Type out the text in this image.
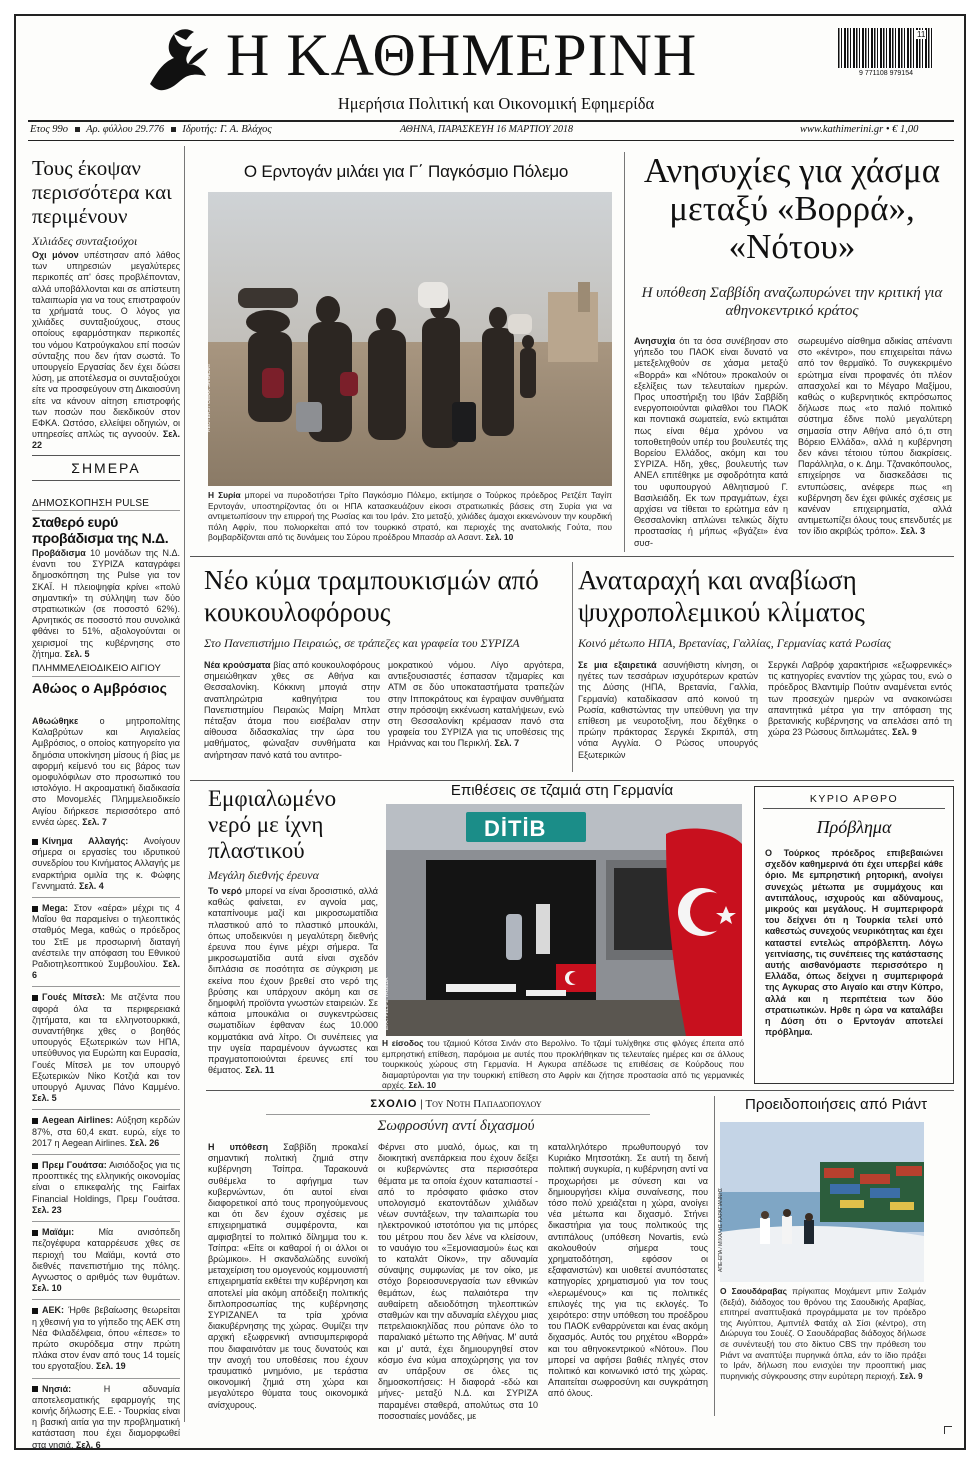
Η ΚΑΘΗΜΕΡΙΝΗ
Ημερήσια Πολιτική και Οικονομική Εφημερίδα
11
9 771108 979154
Ετος 99ο Αρ. φύλλου 29.776 Ιδρυτής: Γ. Α. Βλάχος	ΑΘΗΝΑ, ΠΑΡΑΣΚΕΥΗ 16 ΜΑΡΤΙΟΥ 2018	www.kathimerini.gr • € 1,00
Τους έκοψαν περισσότερα και περιμένουν
Χιλιάδες συνταξιούχοι
Οχι μόνον υπέστησαν από λάθος των υπηρεσιών μεγαλύτερες περικοπές απ' όσες προβλέπονταν, αλλά υποβάλλονται και σε απίστευτη ταλαιπωρία για να τους επιστραφούν τα χρήματά τους. Ο λόγος για χιλιάδες συνταξιούχους, στους οποίους εφαρμόστηκαν περικοπές του νόμου Κατρούγκαλου επί ποσών σύνταξης που δεν ήταν σωστά. Το υπουργείο Εργασίας δεν έχει δώσει λύση, με αποτέλεσμα οι συνταξιούχοι είτε να προσφεύγουν στη Δικαιοσύνη είτε να κάνουν αίτηση επιστροφής των ποσών που διεκδικούν στον ΕΦΚΑ. Ωστόσο, ελλείψει οδηγιών, οι υπηρεσίες απλώς τις αγνοούν. Σελ. 22
ΣΗΜΕΡΑ
ΔΗΜΟΣΚΟΠΗΣΗ PULSE
Σταθερό ευρύ προβάδισμα της Ν.Δ.
Προβάδισμα 10 μονάδων της Ν.Δ. έναντι του ΣΥΡΙΖΑ καταγράφει δημοσκόπηση της Pulse για τον ΣΚΑΪ. Η πλειοψηφία κρίνει «πολύ σημαντική» τη σύλληψη των δύο στρατιωτικών (σε ποσοστό 62%). Αρνητικός σε ποσοστό που συνολικά φθάνει το 51%, αξιολογούνται οι χειρισμοί της κυβέρνησης στο ζήτημα. Σελ. 5
ΠΛΗΜΜΕΛΕΙΟΔΙΚΕΙΟ ΑΙΓΙΟΥ
Αθώος ο Αμβρόσιος
Αθωώθηκε ο μητροπολίτης Καλαβρύτων και Αιγιαλείας Αμβρόσιος, ο οποίος κατηγορείτο για δημόσια υποκίνηση μίσους ή βίας με αφορμή κείμενό του εις βάρος των ομοφυλόφιλων στο προσωπικό του ιστολόγιο. Η ακροαματική διαδικασία στο Μονομελές Πλημμελειοδικείο Αιγίου διήρκεσε περισσότερο από εννέα ώρες. Σελ. 7
Κίνημα Αλλαγής: Ανοίγουν σήμερα οι εργασίες του ιδρυτικού συνεδρίου του Κινήματος Αλλαγής με εναρκτήρια ομιλία της κ. Φώφης Γεννηματά. Σελ. 4
Mega: Στον «αέρα» μέχρι τις 4 Μαΐου θα παραμείνει ο τηλεοπτικός σταθμός Mega, καθώς ο πρόεδρος του ΣτΕ με προσωρινή διαταγή ανέστειλε την απόφαση του Εθνικού Ραδιοτηλεοπτικού Συμβουλίου. Σελ. 6
Γουές Μίτσελ: Με ατζέντα που αφορά όλα τα περιφερειακά ζητήματα, και τα ελληνοτουρκικά, συναντήθηκε χθες ο βοηθός υπουργός Εξωτερικών των ΗΠΑ, υπεύθυνος για Ευρώπη και Ευρασία, Γουές Μίτσελ με τον υπουργό Εξωτερικών Νίκο Κοτζιά και τον υπουργό Αμυνας Πάνο Καμμένο. Σελ. 5
Aegean Airlines: Αύξηση κερδών 87%, στα 60,4 εκατ. ευρώ, είχε το 2017 η Aegean Airlines. Σελ. 26
Πρεμ Γουάτσα: Αισιόδοξος για τις προοπτικές της ελληνικής οικονομίας είναι ο επικεφαλής της Fairfax Financial Holdings, Πρεμ Γουάτσα. Σελ. 23
Μαϊάμι:	Μία ανισόπεδη πεζογέφυρα καταρρέευσε χθες σε περιοχή του Μαϊάμι, κοντά στο διεθνές πανεπιστήμιο της πόλης. Αγνωστος ο αριθμός των θυμάτων. Σελ. 10
ΑΕΚ: Ήρθε βεβαίωσης θεωρείται η χθεσινή για το γήπεδο της ΑΕΚ στη Νέα Φιλαδέλφεια, όπου «έπεσε» το πρώτο σκυρόδεμα στην πρώτη πλάκα στον έναν από τους 14 τομείς του εργοταξίου. Σελ. 19
Νησιά:	Η αδυναμία αποτελεσματικής εφαρμογής της κοινής δήλωσης Ε.Ε. - Τουρκίας είναι η βασική αιτία για την προβληματική κατάσταση που έχει διαμορφωθεί στα νησιά. Σελ. 6
Ο Ερντογάν μιλάει για Γ΄ Παγκόσμιο Πόλεμο
REUTERS / OMAR SANADIKI
Η Συρία μπορεί να πυροδοτήσει Τρίτο Παγκόσμιο Πόλεμο, εκτίμησε ο Τούρκος πρόεδρος Ρετζέπ Ταγίπ Ερντογάν, υποστηρίζοντας ότι οι ΗΠΑ κατασκευάζουν είκοσι στρατιωτικές βάσεις στη Συρία για να αντιμετωπίσουν την επιρροή της Ρωσίας και του Ιράν. Στο μεταξύ, χιλιάδες άμαχοι εκκενώνουν την κουρδική πόλη Αφρίν, που πολιορκείται από τον τουρκικό στρατό, και περιοχές της ανατολικής Γούτα, που βομβαρδίζονται από τις δυνάμεις του Σύρου προέδρου Μπασάρ αλ Ασαντ. Σελ. 10
Ανησυχίες για χάσμα μεταξύ «Βορρά», «Νότου»
Η υπόθεση Σαββίδη αναζωπυρώνει την κριτική για αθηνοκεντρικό κράτος
Ανησυχία ότι τα όσα συνέβησαν στο γήπεδο του ΠΑΟΚ είναι δυνατό να μετεξελιχθούν σε χάσμα μεταξύ «Βορρά» και «Νότου» προκαλούν οι εξελίξεις των τελευταίων ημερών. Προς υποστήριξη του Ιβάν Σαββίδη ενεργοποιούνται φιλαθλοι του ΠΑΟΚ και ποντιακά σωματεία, ενώ εκτιμάται πως είναι θέμα χρόνου να τοποθετηθούν υπέρ του βουλευτές της Βορείου Ελλάδος, ακόμη και του ΣΥΡΙΖΑ. Ηδη, χθες, βουλευτής των ΑΝΕΛ επιτέθηκε με σφοδρότητα κατά του υφυπουργού Αθλητισμού Γ. Βασιλειάδη. Εκ των πραγμάτων, έχει αρχίσει να τίθεται το ερώτημα εάν η Θεσσαλονίκη απλώνει τελικώς δίχτυ προστασίας ή μήπως «βγάζει» ένα συσ-
σωρευμένο αίσθημα αδικίας απέναντι στο «κέντρο», που επιχειρείται πάνω από τον θερμαϊκό. Το συγκεκριμένο ερώτημα είναι προφανές ότι πλέον απασχολεί και το Μέγαρο Μαξίμου, καθώς ο κυβερνητικός εκπρόσωπος δήλωσε πως «το παλιό πολιτικό σύστημα έδινε πολύ μεγαλύτερη σημασία στην Αθήνα από ό,τι στη Βόρειο Ελλάδα», αλλά η κυβέρνηση δεν κάνει τέτοιου τύπου διακρίσεις. Παράλληλα, ο κ. Δημ. Τζανακόπουλος, επιχείρησε να διασκεδάσει τις εντυπώσεις, ανέφερε πως «η κυβέρνηση δεν έχει φιλικές σχέσεις με κανέναν επιχειρηματία, αλλά αντιμετωπίζει όλους τους επενδυτές με τον ίδιο ακριβώς τρόπο». Σελ. 3
Νέο κύμα τραμπουκισμών από κουκουλοφόρους
Στο Πανεπιστήμιο Πειραιώς, σε τράπεζες και γραφεία του ΣΥΡΙΖΑ
Νέα κρούσματα βίας από κουκουλοφόρους σημειώθηκαν χθες σε Αθήνα και Θεσσαλονίκη. Κόκκινη μπογιά στην αναπληρώτρια καθηγήτρια του Πανεπιστημίου Πειραιώς Μαίρη Μπλατ πέταξαν άτομα που εισέβαλαν στην αίθουσα διδασκαλίας την ώρα του μαθήματος, φώναξαν συνθήματα και ανήρτησαν πανό κατά του αντιτρο-
μοκρατικού νόμου. Λίγο αργότερα, αντιεξουσιαστές έσπασαν τζαμαρίες και ATM σε δύο υποκαταστήματα τραπεζών στην Ιπποκράτους και έγραψαν συνθήματα στην πρόσοψη εκκένωση καταλήψεων, ενώ στη Θεσσαλονίκη κρέμασαν πανό στα γραφεία του ΣΥΡΙΖΑ για τις υποθέσεις της Ηριάννας και του Περικλή. Σελ. 7
Αναταραχή και αναβίωση ψυχροπολεμικού κλίματος
Κοινό μέτωπο ΗΠΑ, Βρετανίας, Γαλλίας, Γερμανίας κατά Ρωσίας
Σε μια εξαιρετικά ασυνήθιστη κίνηση, οι ηγέτες των τεσσάρων ισχυρότερων κρατών της Δύσης (ΗΠΑ, Βρετανία, Γαλλία, Γερμανία) καταδίκασαν από κοινού τη Ρωσία, καθιστώντας την υπεύθυνη για την επίθεση με νευροτοξίνη, που δέχθηκε ο πρώην πράκτορας Σεργκέι Σκριπάλ, στη νότια Αγγλία. Ο Ρώσος υπουργός Εξωτερικών
Σεργκέι Λαβρόφ χαρακτήρισε «εξωφρενικές» τις κατηγορίες εναντίον της χώρας του, ενώ ο πρόεδρος Βλαντιμίρ Πούτιν αναμένεται εντός των προσεχών ημερών να ανακοινώσει απαντητικά μέτρα για την απόφαση της βρετανικής κυβέρνησης να απελάσει από τη χώρα 23 Ρώσους διπλωμάτες. Σελ. 9
Εμφιαλωμένο νερό με ίχνη πλαστικού
Μεγάλη διεθνής έρευνα
Το νερό μπορεί να είναι δροσιστικό, αλλά καθώς φαίνεται, εν αγνοία μας, καταπίνουμε μαζί και μικροσωματίδια πλαστικού από το πλαστικό μπουκάλι, όπως υποδεικνύει η μεγαλύτερη διεθνής έρευνα που έγινε μέχρι σήμερα. Τα μικροσωματίδια αυτά είναι σχεδόν διπλάσια σε ποσότητα σε σύγκριση με εκείνα που έχουν βρεθεί στο νερό της βρύσης και υπάρχουν ακόμη και σε δημοφιλή προϊόντα γνωστών εταιρειών. Σε κάποια μπουκάλια οι συγκεντρώσεις σωματιδίων έφθαναν έως 10.000 κομματάκια ανά λίτρο. Οι συνέπειες για την υγεία παραμένουν άγνωστες και πραγματοποιούνται έρευνες επί του θέματος. Σελ. 11
Επιθέσεις σε τζαμιά στη Γερμανία
DİTİB
EPA / FELIPE TRUEBA
Η είσοδος του τζαμιού Κότσα Σινάν στο Βερολίνο. Το τζαμί τυλίχθηκε στις φλόγες έπειτα από εμπρηστική επίθεση, παρόμοια με αυτές που προκλήθηκαν τις τελευταίες ημέρες και σε άλλους τουρκικούς χώρους στη Γερμανία. Η Αγκυρα απέδωσε τις επιθέσεις σε Κούρδους που διαμαρτύρονται για την τουρκική επίθεση στο Αφρίν και ζήτησε προστασία από τις γερμανικές αρχές. Σελ. 10
ΚΥΡΙΟ ΑΡΘΡΟ
Πρόβλημα
Ο Τούρκος πρόεδρος επιβεβαιώνει σχεδόν καθημερινά ότι έχει υπερβεί κάθε όριο. Με εμπρηστική ρητορική, ανοίγει συνεχώς μέτωπα με συμμάχους και αντιπάλους, ισχυρούς και αδύναμους, μικρούς και μεγάλους. Η συμπεριφορά του δείχνει ότι η Τουρκία τελεί υπό καθεστώς συνεχούς νευρικότητας και έχει καταστεί εντελώς απρόβλεπτη. Λόγω γειτνίασης, τις συνέπειες της κατάστασης αυτής αισθανόμαστε περισσότερο η Ελλάδα, όπως δείχνει η συμπεριφορά της Αγκυρας στο Αιγαίο και στην Κύπρο, αλλά και η περιπέτεια των δύο στρατιωτικών. Ηρθε η ώρα να καταλάβει η Δύση ότι ο Ερντογάν αποτελεί πρόβλημα.
ΣΧΟΛΙΟ | Του Νότη Παπαδόπουλου
Σωφροσύνη αντί διχασμού
Η υπόθεση Σαββίδη προκαλεί σημαντική πολιτική ζημιά στην κυβέρνηση Τσίπρα. Ταρακουνά συθέμελα το αφήγημα των κυβερνώντων, ότι αυτοί είναι διαφορετικοί από τους προηγούμενους και ότι δεν έχουν σχέσεις με επιχειρηματικά συμφέροντα, και αμφισβητεί το πολιτικό δίλημμα του κ. Τσίπρα: «Είτε οι καθαροί ή οι άλλοι οι βρώμικοι». Η σκανδαλώδης ευνοϊκή μεταχείριση του ομογενούς κομμουνιστή επιχειρηματία εκθέτει την κυβέρνηση και αποτελεί μία ακόμη απόδειξη πολιτικής διπλοπροσωπίας της κυβέρνησης ΣΥΡΙΖΑΝΕΛ τα τρία χρόνια διακυβέρνησης της χώρας. Θυμίζει την αρχική εξωφρενική αντισυμπεριφορά που διαφαινόταν με τους δυνατούς και την ανοχή του υποθέσεις που έχουν τραυματικό μνημόνιο, με τεράστια οικονομική ζημιά στη χώρα και μεγαλύτερο θύματα τους οικονομικά ανίσχυρους.
Φέρνει στο μυαλό, όμως, και τη διοικητική ανεπάρκεια που έχουν δείξει οι κυβερνώντες στα περισσότερα θέματα με τα οποία έχουν καταπιαστεί - από το πρόσφατο φιάσκο στον υπολογισμό εκατοντάδων χιλιάδων νέων συντάξεων, την ταλαιπωρία του ηλεκτρονικού ιστοτόπου για τις μπόρες του μέτρου που δεν λένε να κλείσουν, το ναυάγιο του «Ξεμονιασμού» έως και το καταλάτ Οίκον», την αδυναμία σύναψης συμφωνίας με τον οίκο, με στόχο βορειοσυνεργασία των εθνικών θεμάτων, έως παλαιότερα την αυθαίρετη αδειοδότηση τηλεοπτικών σταθμών και την αδυναμία ελέγχου μιας πετρελαιοκηλίδας που ρύπανε όλο το παραλιακό μέτωπο της Αθήνας. Μ' αυτά και μ' αυτά, έχει δημιουργηθεί στον κόσμο ένα κύμα αποχώρησης για τον αν υπάρξουν σε όλες τις δημοσκοπήσεις: Η διαφορά -εδώ και μήνες- μεταξύ Ν.Δ. και ΣΥΡΙΖΑ παραμένει σταθερά, απολύτως στα 10 ποσοστιαίες μονάδες, με
καταλληλότερο πρωθυπουργό τον Κυριάκο Μητσοτάκη. Σε αυτή τη δεινή πολιτική συγκυρία, η κυβέρνηση αντί να προχωρήσει με σύνεση και να δημιουργήσει κλίμα συναίνεσης, που τόσο πολύ χρειάζεται η χώρα, ανοίγει νέα μέτωπα και διχασμό. Στήνει δικαστήρια για τους πολιτικούς της αντιπάλους (υπόθεση Novartis, ενώ ακολουθούν σήμερα τους χρηματοδότηση, εφόσον οι εξαφανιστών) και υιοθετεί ανυπόστατες κατηγορίες χρηματισμού για τον τους «λερωμένους» και τις πολιτικές επιλογές της για τις εκλογές. Το χειρότερο: στην υπόθεση του προέδρου του ΠΑΟΚ ενθαρρύνεται και ένας ακόμη διχασμός. Αυτός του ρηχέτου «Βορρά» και του αθηνοκεντρικού «Νότου». Που μπορεί να αφήσει βαθιές πληγές στον πολιτικό και κοινωνικό ιστό της χώρας. Απαιτείται σωφροσύνη και συγκράτηση από όλους.
Προειδοποιήσεις από Ριάντ
ΑΠΕ-ΕΠΑ / ΜΙΧΑΛΗΣ ΚΑΡΑΓΙΑΝΝΗΣ
Ο Σαουδάραβας πρίγκιπας Μοχάμεντ μπιν Σαλμάν (δεξιά), διάδοχος του θρόνου της Σαουδικής Αραβίας, επιτηρεί αναπτυξιακά προγράμματα με τον πρόεδρο της Αιγύπτου, Αμπντέλ Φατάχ αλ Σίσι (κέντρο), στη Διώρυγα του Σουέζ. Ο Σαουδάραβας διάδοχος δήλωσε σε συνέντευξή του στο δίκτυο CBS την πρόθεση του Ριάντ να αναπτύξει πυρηνικά όπλα, εάν το ίδιο πράξει το Ιράν, δήλωση που ενισχύει την προοπτική μιας πυρηνικής σύγκρουσης στην ευρύτερη περιοχή. Σελ. 9
